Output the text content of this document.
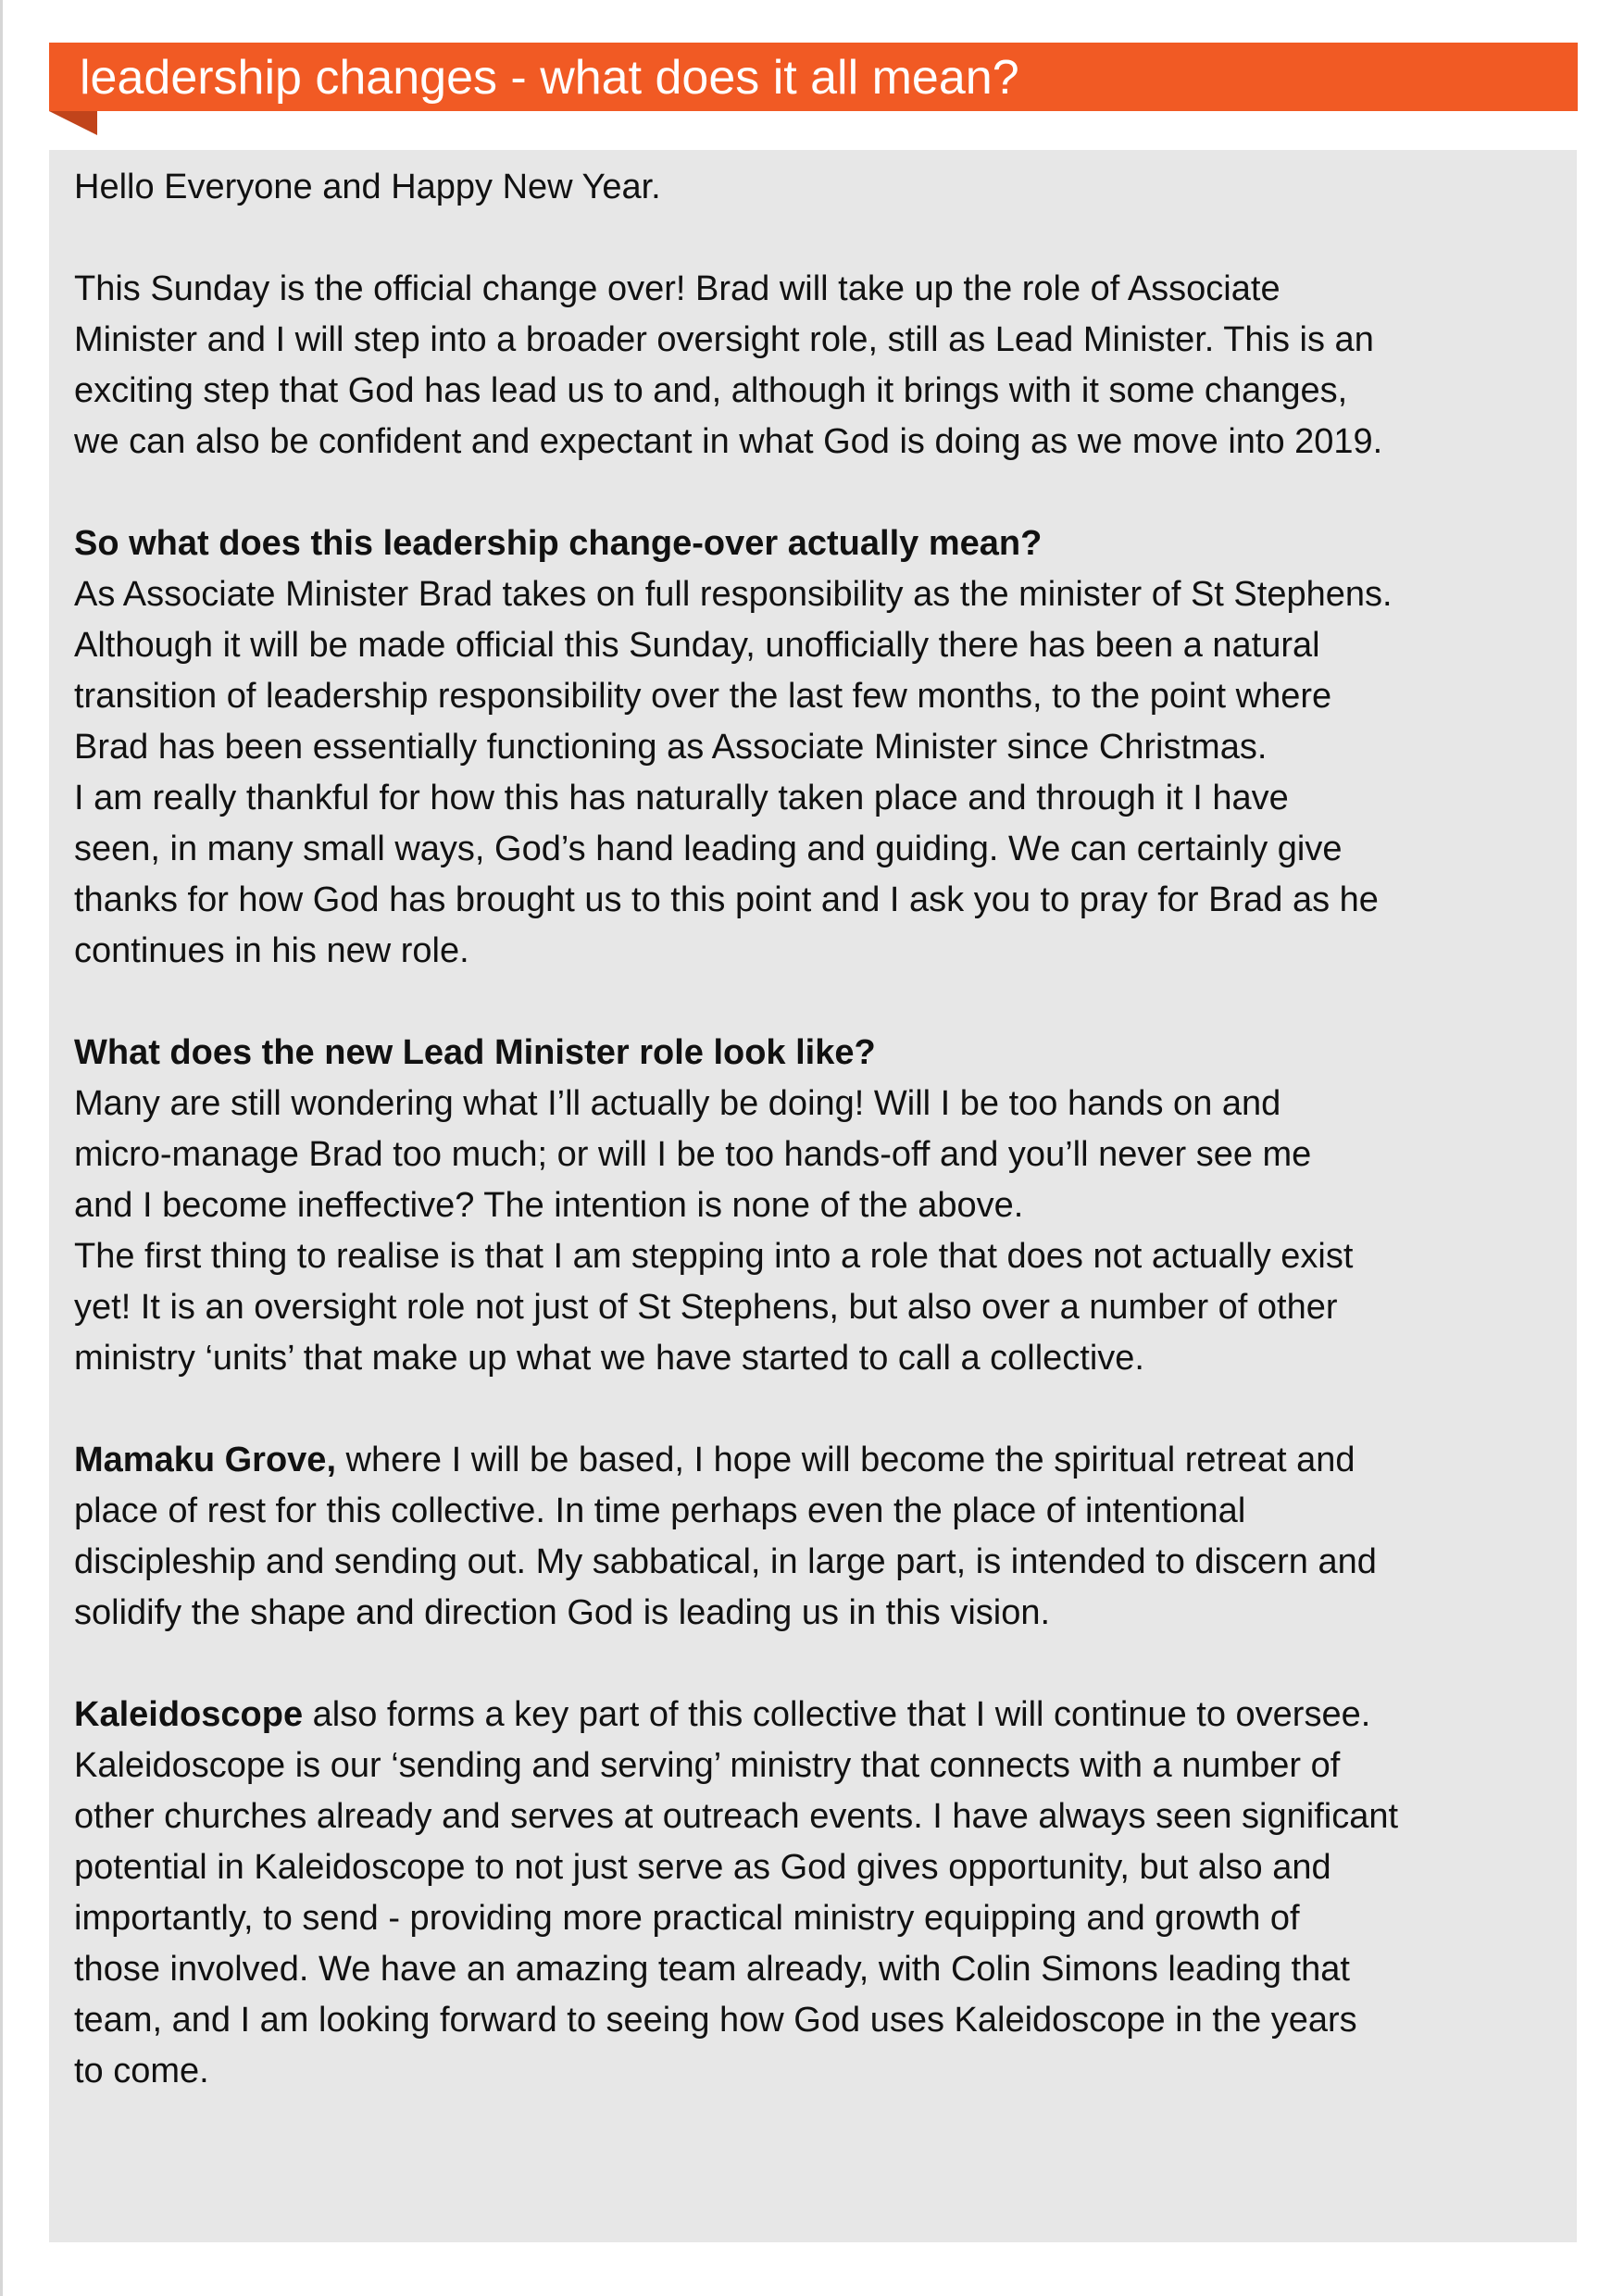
leadership changes - what does it all mean?
Hello Everyone and Happy New Year.
This Sunday is the official change over! Brad will take up the role of Associate
Minister and I will step into a broader oversight role, still as Lead Minister. This is an
exciting step that God has lead us to and, although it brings with it some changes,
we can also be confident and expectant in what God is doing as we move into 2019.
So what does this leadership change-over actually mean?
As Associate Minister Brad takes on full responsibility as the minister of St Stephens.
Although it will be made official this Sunday, unofficially there has been a natural
transition of leadership responsibility over the last few months, to the point where
Brad has been essentially functioning as Associate Minister since Christmas.
I am really thankful for how this has naturally taken place and through it I have
seen, in many small ways, God’s hand leading and guiding. We can certainly give
thanks for how God has brought us to this point and I ask you to pray for Brad as he
continues in his new role.
What does the new Lead Minister role look like?
Many are still wondering what I’ll actually be doing! Will I be too hands on and
micro-manage Brad too much; or will I be too hands-off and you’ll never see me
and I become ineffective? The intention is none of the above.
The first thing to realise is that I am stepping into a role that does not actually exist
yet! It is an oversight role not just of St Stephens, but also over a number of other
ministry ‘units’ that make up what we have started to call a collective.
Mamaku Grove, where I will be based, I hope will become the spiritual retreat and
place of rest for this collective. In time perhaps even the place of intentional
discipleship and sending out. My sabbatical, in large part, is intended to discern and
solidify the shape and direction God is leading us in this vision.
Kaleidoscope also forms a key part of this collective that I will continue to oversee.
Kaleidoscope is our ‘sending and serving’ ministry that connects with a number of
other churches already and serves at outreach events. I have always seen significant
potential in Kaleidoscope to not just serve as God gives opportunity, but also and
importantly, to send - providing more practical ministry equipping and growth of
those involved. We have an amazing team already, with Colin Simons leading that
team, and I am looking forward to seeing how God uses Kaleidoscope in the years
to come.
